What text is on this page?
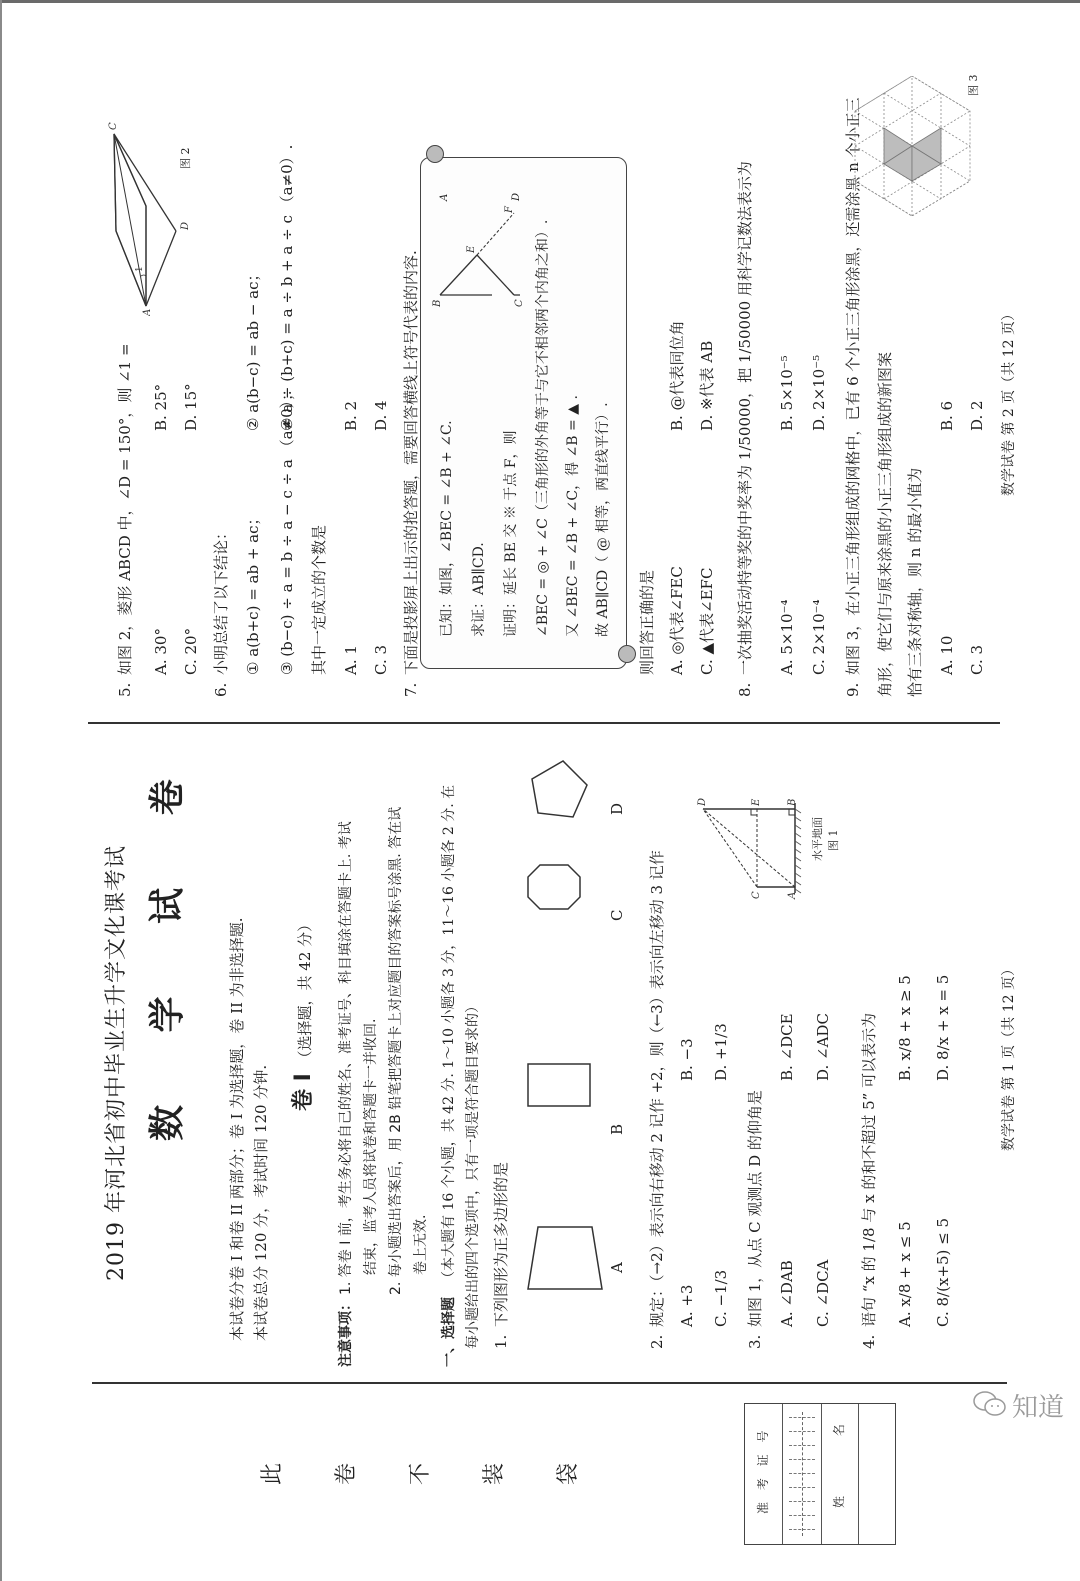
此 卷 不 装 袋	准 考 证 号	姓 名	知道
2019 年河北省初中毕业生升学文化课考试 数 学 试 卷	本试卷分卷 I 和卷 II 两部分；卷 I 为选择题，卷 II 为非选择题. 本试卷总分 120 分，考试时间 120 分钟. 卷 I （选择题，共 42 分）
注意事项：
1. 答卷 I 前，考生务必将自己的姓名、准考证号、科目填涂在答题卡上. 考试 结束，监考人员将试卷和答题卡一并收回. 2. 每小题选出答案后，用 2B 铅笔把答题卡上对应题目的答案标号涂黑. 答在试 卷上无效.
一、选择题
（本大题有 16 个小题，共 42 分. 1～10 小题各 3 分，11～16 小题各 2 分. 在 每小题给出的四个选项中，只有一项是符合题目要求的） 1.
下列图形为正多边形的是	A
B
C
D
2.
规定：（→2）表示向右移动 2 记作 +2，则（←3）表示向左移动 3 记作 A. +3
B. −3
C. −1/3
D. +1/3
3.
如图 1，从点 C 观测点 D 的仰角是 A. ∠DAB
B. ∠DCE
C. ∠DCA
D. ∠ADC
D	E	B
C	A
水平地面 图 1
4.
语句 “x 的 1/8 与 x 的和不超过 5” 可以表示为 A. x/8 + x ≤ 5
B. x/8 + x ≥ 5
C. 8/(x+5) ≤ 5
D. 8/x + x = 5	数学试卷 第 1 页（共 12 页）
5.
如图 2，菱形 ABCD 中，∠D = 150°，则 ∠1 = A. 30°
B. 25°
C. 20°
D. 15°
1
A
D
C
图 2
6.
小明总结了以下结论： ① a(b+c) = ab + ac；
② a(b−c) = ab − ac；
③ (b−c) ÷ a = b ÷ a − c ÷ a （a≠0）；
④ a ÷ (b+c) = a ÷ b + a ÷ c （a≠0）.
其中一定成立的个数是 A. 1
B. 2
C. 3
D. 4
7.
下面是投影屏上出示的抢答题，需要回答横线上符号代表的内容. 已知：如图，∠BEC = ∠B + ∠C. 求证：AB∥CD. 证明：延长 BE 交 ※ 于点 F，则 ∠BEC = ◎ + ∠C（三角形的外角等于与它不相邻两个内角之和）. 又 ∠BEC = ∠B + ∠C，得 ∠B = ▲ . 故 AB∥CD（ @ 相等，两直线平行）.
B	C
E
F
A	D
则回答正确的是 A. ◎代表∠FEC
B. @代表同位角
C. ▲代表∠EFC
D. ※代表 AB
8.
一次抽奖活动特等奖的中奖率为 1/50000，把 1/50000 用科学记数法表示为 A. 5×10⁻⁴
B. 5×10⁻⁵
C. 2×10⁻⁴
D. 2×10⁻⁵
9.
如图 3，在小正三角形组成的网格中，已有 6 个小正三角形涂黑，还需涂黑 n 个小正三 角形，使它们与原来涂黑的小正三角形组成的新图案 恰有三条对称轴，则 n 的最小值为 A. 10
B. 6
C. 3
D. 2
图 3
数学试卷 第 2 页（共 12 页）
